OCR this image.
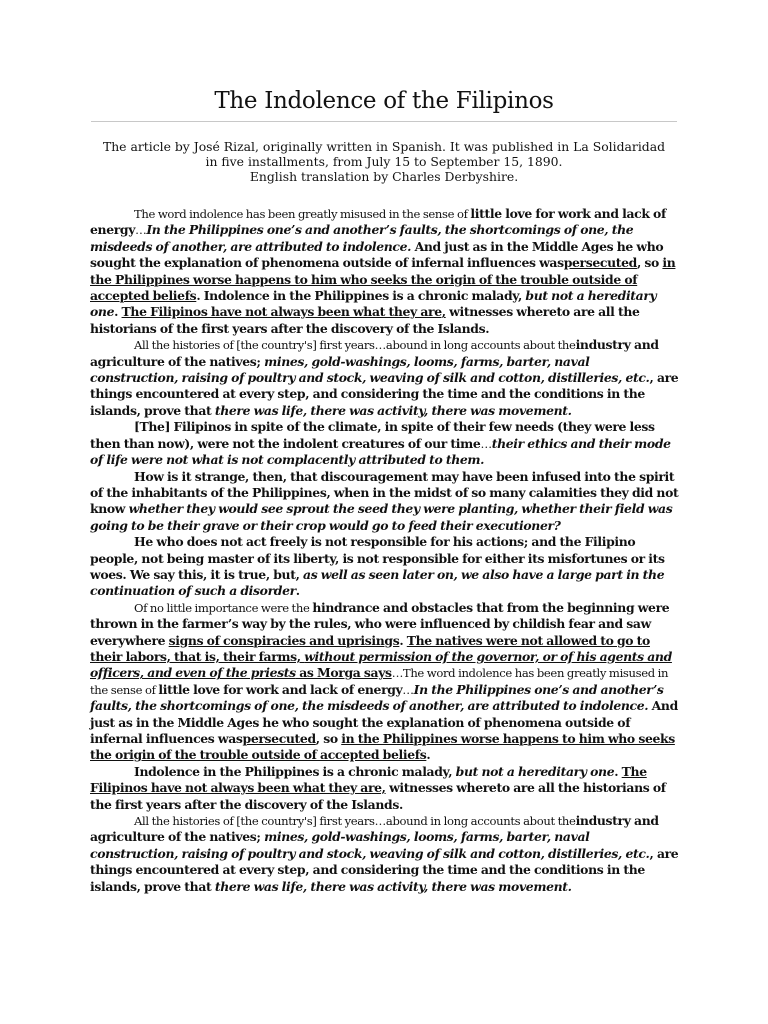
The Indolence of the Filipinos
The article by José Rizal, originally written in Spanish. It was published in La Solidaridad
in five installments, from July 15 to September 15, 1890.
English translation by Charles Derbyshire.

The word indolence has been greatly misused in the sense of little love for work and lack of energy…In the Philippines one’s and another’s faults, the shortcomings of one, the misdeeds of another, are attributed to indolence. And just as in the Middle Ages he who sought the explanation of phenomena outside of infernal influences waspersecuted, so in the Philippines worse happens to him who seeks the origin of the trouble outside of accepted beliefs. Indolence in the Philippines is a chronic malady, but not a hereditary one. The Filipinos have not always been what they are, witnesses whereto are all the historians of the first years after the discovery of the Islands.

All the histories of [the country's] first years…abound in long accounts about theindustry and agriculture of the natives; mines, gold-washings, looms, farms, barter, naval construction, raising of poultry and stock, weaving of silk and cotton, distilleries, etc., are things encountered at every step, and considering the time and the conditions in the islands, prove that there was life, there was activity, there was movement.

[The] Filipinos in spite of the climate, in spite of their few needs (they were less then than now), were not the indolent creatures of our time…their ethics and their mode of life were not what is not complacently attributed to them.

How is it strange, then, that discouragement may have been infused into the spirit of the inhabitants of the Philippines, when in the midst of so many calamities they did not know whether they would see sprout the seed they were planting, whether their field was going to be their grave or their crop would go to feed their executioner?

He who does not act freely is not responsible for his actions; and the Filipino people, not being master of its liberty, is not responsible for either its misfortunes or its woes. We say this, it is true, but, as well as seen later on, we also have a large part in the continuation of such a disorder.

Of no little importance were the hindrance and obstacles that from the beginning were thrown in the farmer’s way by the rules, who were influenced by childish fear and saw everywhere signs of conspiracies and uprisings. The natives were not allowed to go to their labors, that is, their farms, without permission of the governor, or of his agents and officers, and even of the priests as Morga says…The word indolence has been greatly misused in the sense of little love for work and lack of energy…In the Philippines one’s and another’s faults, the shortcomings of one, the misdeeds of another, are attributed to indolence. And just as in the Middle Ages he who sought the explanation of phenomena outside of infernal influences waspersecuted, so in the Philippines worse happens to him who seeks the origin of the trouble outside of accepted beliefs.

Indolence in the Philippines is a chronic malady, but not a hereditary one. The Filipinos have not always been what they are, witnesses whereto are all the historians of the first years after the discovery of the Islands.

All the histories of [the country's] first years…abound in long accounts about theindustry and agriculture of the natives; mines, gold-washings, looms, farms, barter, naval construction, raising of poultry and stock, weaving of silk and cotton, distilleries, etc., are things encountered at every step, and considering the time and the conditions in the islands, prove that there was life, there was activity, there was movement.
